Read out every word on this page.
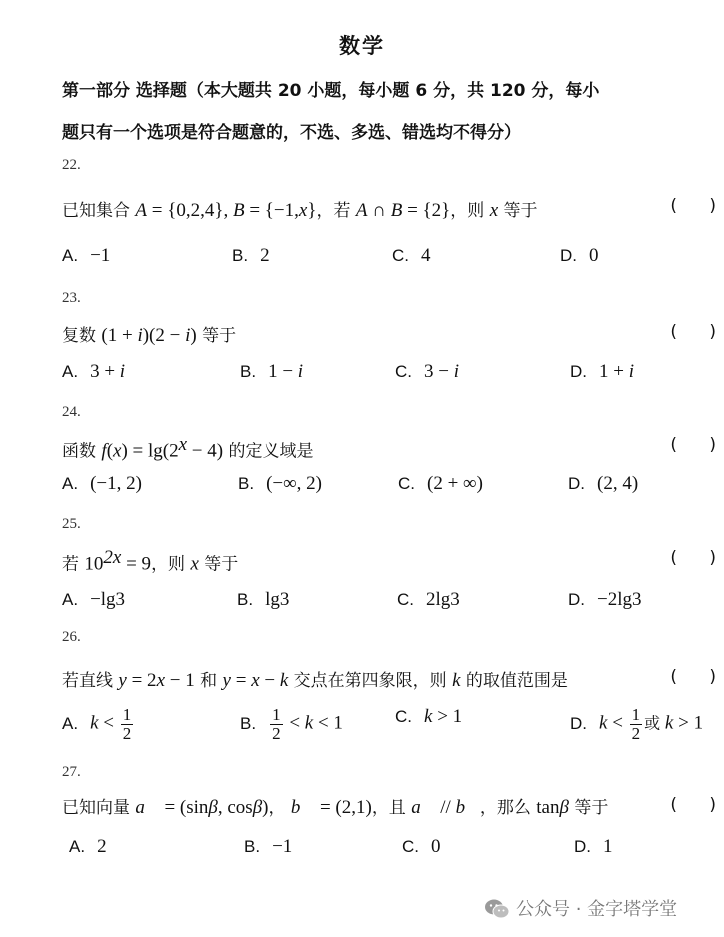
数学
第一部分 选择题（本大题共 20 小题，每小题 6 分，共 120 分，每小
题只有一个选项是符合题意的，不选、多选、错选均不得分）
22.
已知集合 A = {0,2,4}, B = {−1,x}，若 A ∩ B = {2}，则 x 等于	(      )
A. −1	B. 2	C. 4	D. 0
23.
复数 (1 + i)(2 − i) 等于	(      )
A. 3 + i	B. 1 − i	C. 3 − i	D. 1 + i
24.
函数 $f(x) = \lg(2^x - 4)$ 的定义域是	(      )
A. (−1, 2)	B. (−∞, 2)	C. (2 + ∞)	D. (2, 4)
25.
若 $10^{2x} = 9$，则 x 等于	(      )
A. −lg3	B. lg3	C. 2lg3	D. −2lg3
26.
若直线 y = 2x − 1 和 y = x − k 交点在第四象限，则 k 的取值范围是	(      )
A. $k < \frac{1}{2}$	B. $\frac{1}{2} < k < 1$	C. k > 1	D. $k < \frac{1}{2}$ 或 k > 1
27.
已知向量 a⃗ = (sinβ, cosβ)， b⃗ = (2,1)，且 a⃗ // b⃗，那么 tanβ 等于	(      )
A. 2	B. −1	C. 0	D. 1
公众号 · 金字塔学堂
